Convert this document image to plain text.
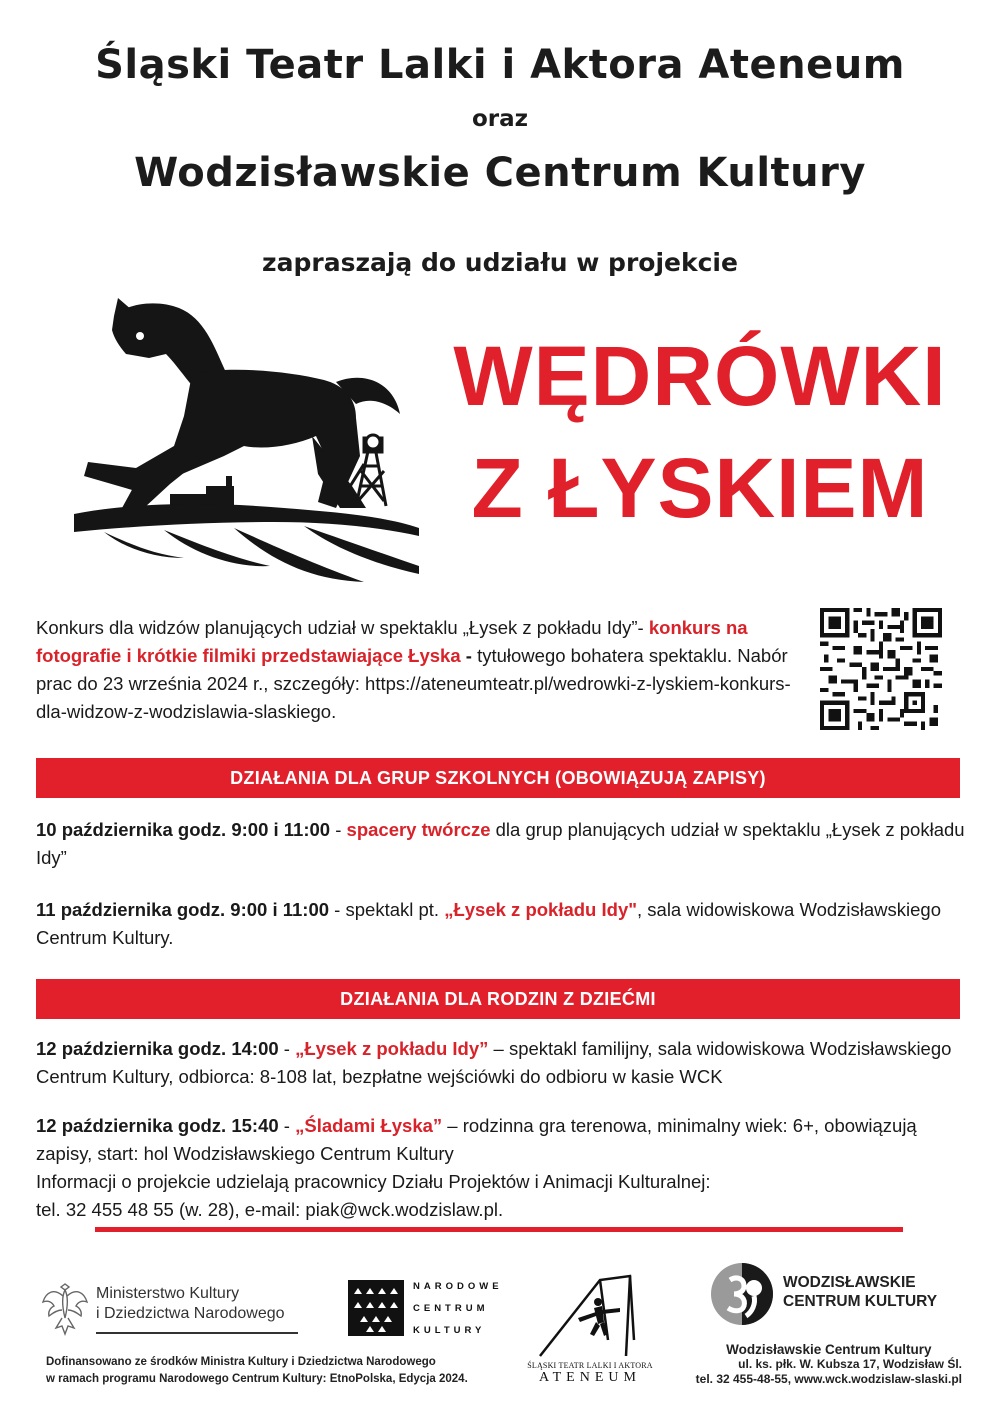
Śląski Teatr Lalki i Aktora Ateneum
oraz
Wodzisławskie Centrum Kultury
zapraszają do udziału w projekcie
WĘDRÓWKI
Z ŁYSKIEM
Konkurs dla widzów planujących udział w spektaklu „Łysek z pokładu Idy”- konkurs na fotografie i krótkie filmiki przedstawiające Łyska - tytułowego bohatera spektaklu. Nabór prac do 23 września 2024 r., szczegóły: https://ateneumteatr.pl/wedrowki-z-lyskiem-konkurs-dla-widzow-z-wodzislawia-slaskiego.
DZIAŁANIA DLA GRUP SZKOLNYCH (OBOWIĄZUJĄ ZAPISY)
10 października godz. 9:00 i 11:00 - spacery twórcze dla grup planujących udział w spektaklu „Łysek z pokładu Idy”
11 października godz. 9:00 i 11:00 - spektakl pt. „Łysek z pokładu Idy", sala widowiskowa Wodzisławskiego Centrum Kultury.
DZIAŁANIA DLA RODZIN Z DZIEĆMI
12 października godz. 14:00 - „Łysek z pokładu Idy” – spektakl familijny, sala widowiskowa Wodzisławskiego Centrum Kultury, odbiorca: 8-108 lat, bezpłatne wejściówki do odbioru w kasie WCK
12 października godz. 15:40 - „Śladami Łyska” – rodzinna gra terenowa, minimalny wiek: 6+, obowiązują zapisy, start: hol Wodzisławskiego Centrum Kultury
Informacji o projekcie udzielają pracownicy Działu Projektów i Animacji Kulturalnej:
tel. 32 455 48 55 (w. 28), e-mail: piak@wck.wodzislaw.pl.
Ministerstwo Kultury
i Dziedzictwa Narodowego
NARODOWE
CENTRUM
KULTURY
Dofinansowano ze środków Ministra Kultury i Dziedzictwa Narodowego
w ramach programu Narodowego Centrum Kultury: EtnoPolska, Edycja 2024.
ŚLĄSKI TEATR LALKI I AKTORA
ATENEUM
WODZISŁAWSKIE
CENTRUM KULTURY
Wodzisławskie Centrum Kultury
ul. ks. płk. W. Kubsza 17, Wodzisław Śl.
tel. 32 455-48-55, www.wck.wodzislaw-slaski.pl
